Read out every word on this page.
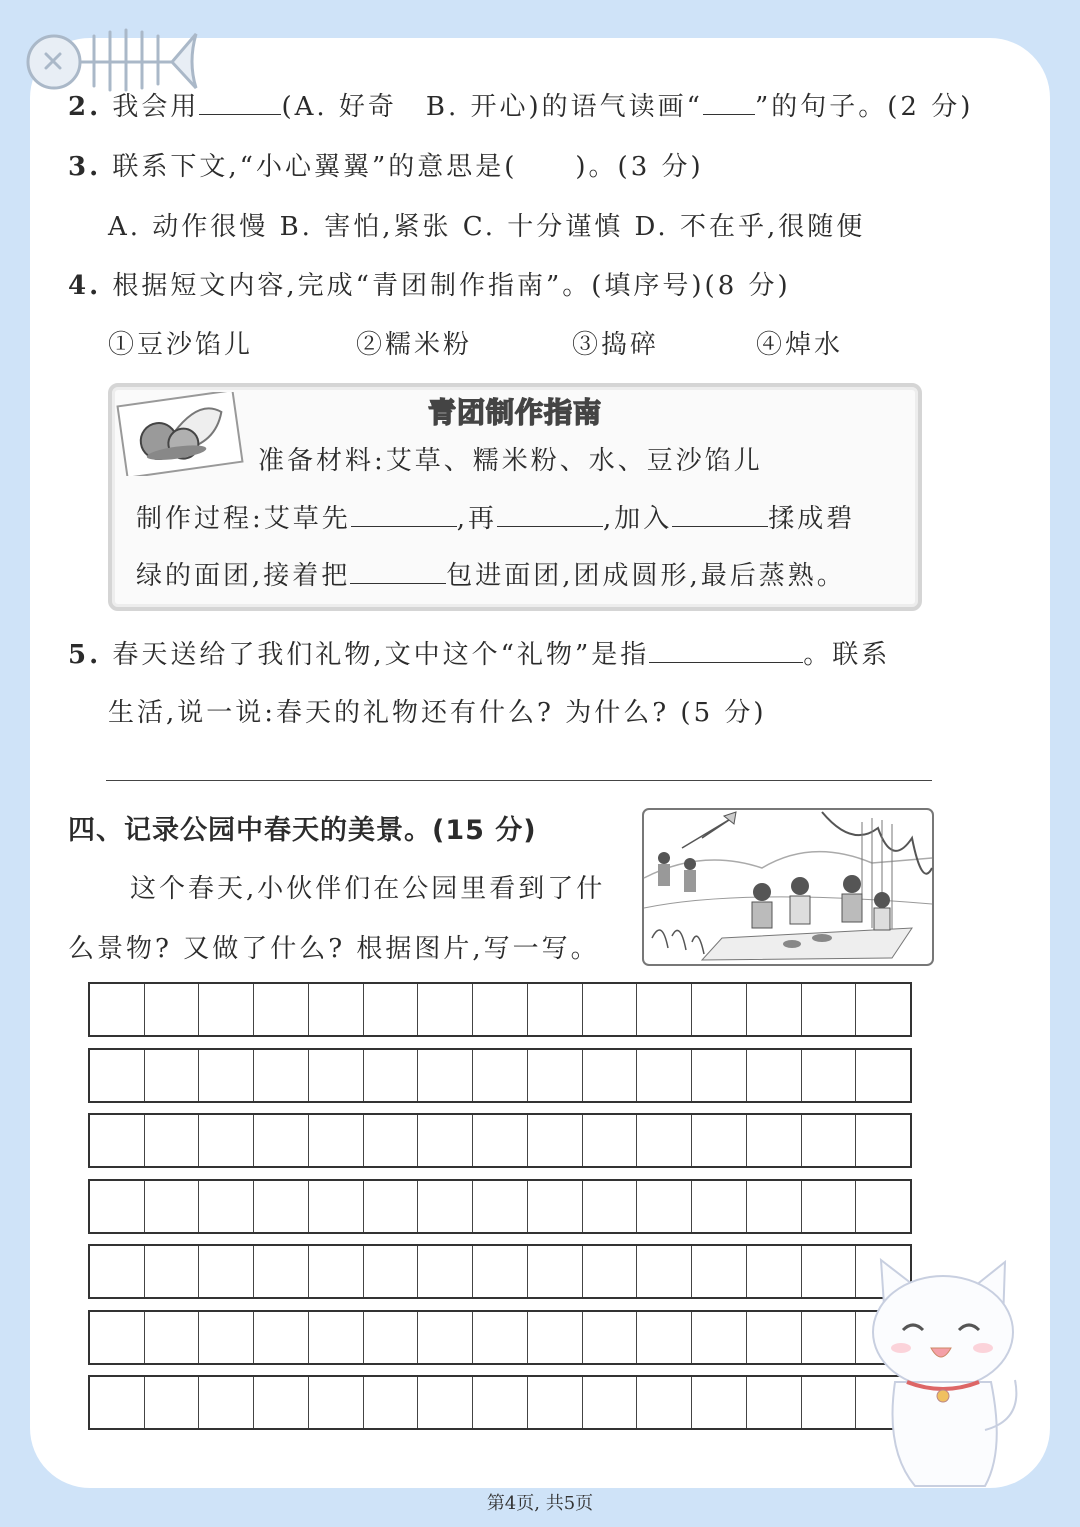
2. 我会用	(A. 好奇　B. 开心)的语气读画“ ”的句子。(2 分)
3. 联系下文,“小心翼翼”的意思是(　　)。(3 分)
A. 动作很慢 B. 害怕,紧张 C. 十分谨慎 D. 不在乎,很随便
4. 根据短文内容,完成“青团制作指南”。(填序号)(8 分)
①豆沙馅儿	②糯米粉	③捣碎	④焯水
青团制作指南
准备材料:艾草、糯米粉、水、豆沙馅儿
制作过程:艾草先	,再	,加入	揉成碧
绿的面团,接着把	包进面团,团成圆形,最后蒸熟。
5. 春天送给了我们礼物,文中这个“礼物”是指	。联系
生活,说一说:春天的礼物还有什么? 为什么? (5 分)
四、记录公园中春天的美景。(15 分)
这个春天,小伙伴们在公园里看到了什
么景物? 又做了什么? 根据图片,写一写。
第4页, 共5页
